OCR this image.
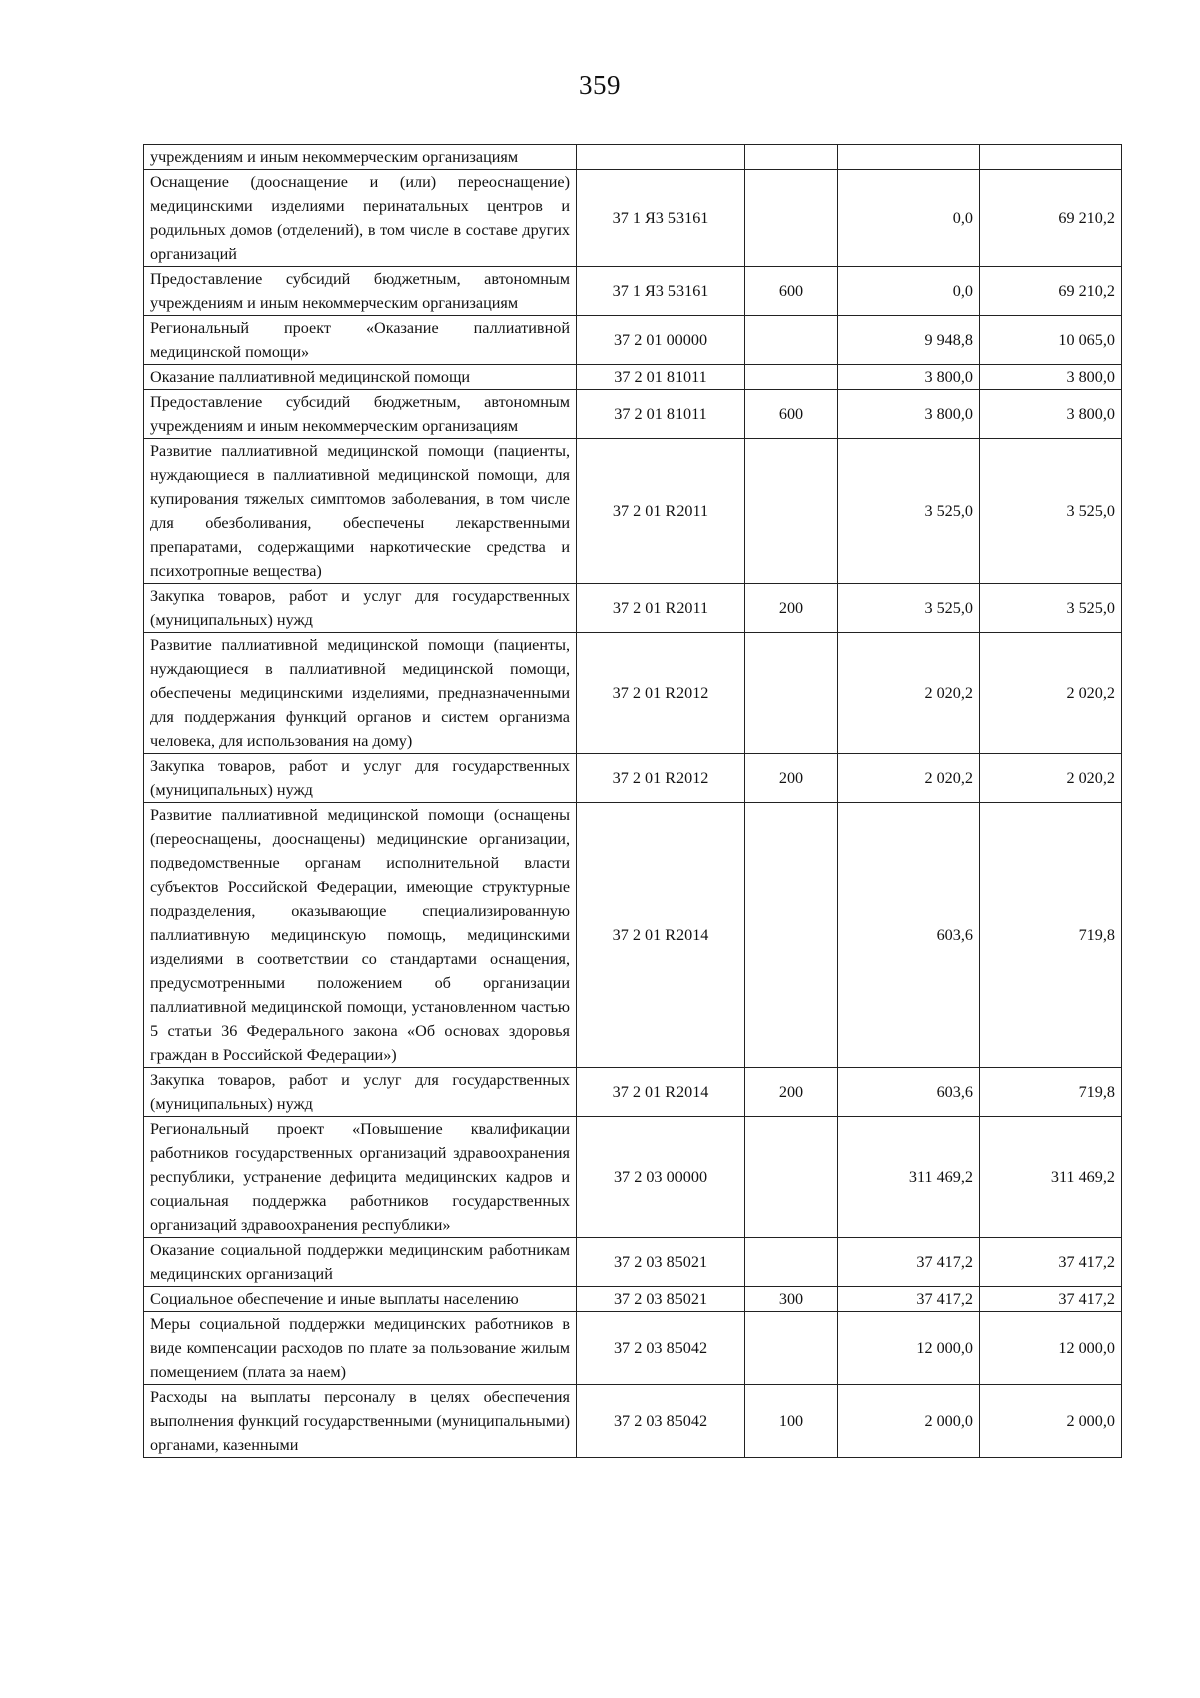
359
учреждениям и иным некоммерческим организациям				
Оснащение (дооснащение и (или) переоснащение) медицинскими изделиями перинатальных центров и родильных домов (отделений), в том числе в составе других организаций	37 1 Я3 53161		0,0	69 210,2
Предоставление субсидий бюджетным, автономным учреждениям и иным некоммерческим организациям	37 1 Я3 53161	600	0,0	69 210,2
Региональный проект «Оказание паллиативной медицинской помощи»	37 2 01 00000		9 948,8	10 065,0
Оказание паллиативной медицинской помощи	37 2 01 81011		3 800,0	3 800,0
Предоставление субсидий бюджетным, автономным учреждениям и иным некоммерческим организациям	37 2 01 81011	600	3 800,0	3 800,0
Развитие паллиативной медицинской помощи (пациенты, нуждающиеся в паллиативной медицинской помощи, для купирования тяжелых симптомов заболевания, в том числе для обезболивания, обеспечены лекарственными препаратами, содержащими наркотические средства и психотропные вещества)	37 2 01 R2011		3 525,0	3 525,0
Закупка товаров, работ и услуг для государственных (муниципальных) нужд	37 2 01 R2011	200	3 525,0	3 525,0
Развитие паллиативной медицинской помощи (пациенты, нуждающиеся в паллиативной медицинской помощи, обеспечены медицинскими изделиями, предназначенными для поддержания функций органов и систем организма человека, для использования на дому)	37 2 01 R2012		2 020,2	2 020,2
Закупка товаров, работ и услуг для государственных (муниципальных) нужд	37 2 01 R2012	200	2 020,2	2 020,2
Развитие паллиативной медицинской помощи (оснащены (переоснащены, дооснащены) медицинские организации, подведомственные органам исполнительной власти субъектов Российской Федерации, имеющие структурные подразделения, оказывающие специализированную паллиативную медицинскую помощь, медицинскими изделиями в соответствии со стандартами оснащения, предусмотренными положением об организации паллиативной медицинской помощи, установленном частью 5 статьи 36 Федерального закона «Об основах здоровья граждан в Российской Федерации»)	37 2 01 R2014		603,6	719,8
Закупка товаров, работ и услуг для государственных (муниципальных) нужд	37 2 01 R2014	200	603,6	719,8
Региональный проект «Повышение квалификации работников государственных организаций здравоохранения республики, устранение дефицита медицинских кадров и социальная поддержка работников государственных организаций здравоохранения республики»	37 2 03 00000		311 469,2	311 469,2
Оказание социальной поддержки медицинским работникам медицинских организаций	37 2 03 85021		37 417,2	37 417,2
Социальное обеспечение и иные выплаты населению	37 2 03 85021	300	37 417,2	37 417,2
Меры социальной поддержки медицинских работников в виде компенсации расходов по плате за пользование жилым помещением (плата за наем)	37 2 03 85042		12 000,0	12 000,0
Расходы на выплаты персоналу в целях обеспечения выполнения функций государственными (муниципальными) органами, казенными	37 2 03 85042	100	2 000,0	2 000,0
